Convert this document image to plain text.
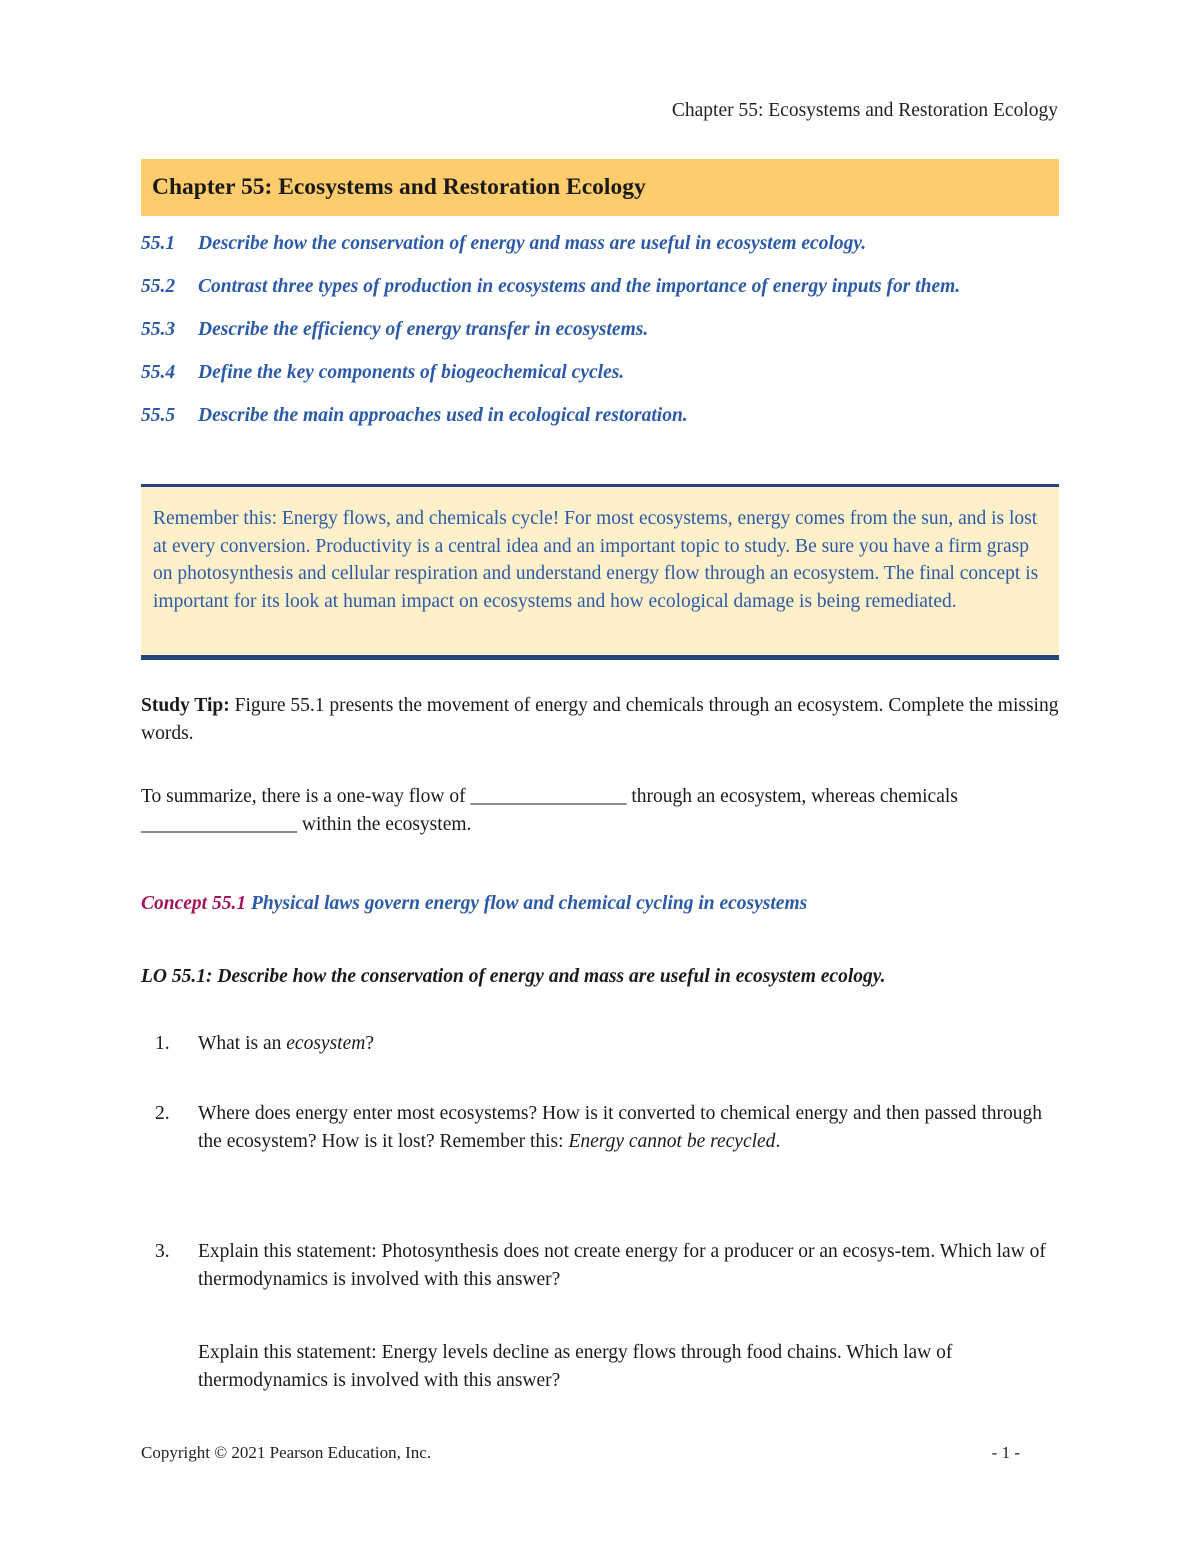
Chapter 55: Ecosystems and Restoration Ecology
Chapter 55: Ecosystems and Restoration Ecology
55.1	Describe how the conservation of energy and mass are useful in ecosystem ecology.
55.2	Contrast three types of production in ecosystems and the importance of energy inputs for them.
55.3	Describe the efficiency of energy transfer in ecosystems.
55.4	Define the key components of biogeochemical cycles.
55.5	Describe the main approaches used in ecological restoration.

Remember this: Energy flows, and chemicals cycle! For most ecosystems, energy comes from the sun, and is lost at every conversion. Productivity is a central idea and an important topic to study. Be sure you have a firm grasp on photosynthesis and cellular respiration and understand energy flow through an ecosystem. The final concept is important for its look at human impact on ecosystems and how ecological damage is being remediated.

Study Tip: Figure 55.1 presents the movement of energy and chemicals through an ecosystem. Complete the missing words.

To summarize, there is a one-way flow of ________________ through an ecosystem, whereas chemicals ________________ within the ecosystem.

Concept 55.1 Physical laws govern energy flow and chemical cycling in ecosystems

LO 55.1: Describe how the conservation of energy and mass are useful in ecosystem ecology.

1.	What is an ecosystem?
2.	Where does energy enter most ecosystems? How is it converted to chemical energy and then passed through the ecosystem? How is it lost? Remember this: Energy cannot be recycled.
3.	Explain this statement: Photosynthesis does not create energy for a producer or an ecosys-tem. Which law of thermodynamics is involved with this answer?

Explain this statement: Energy levels decline as energy flows through food chains. Which law of thermodynamics is involved with this answer?

Copyright © 2021 Pearson Education, Inc.	- 1 -
